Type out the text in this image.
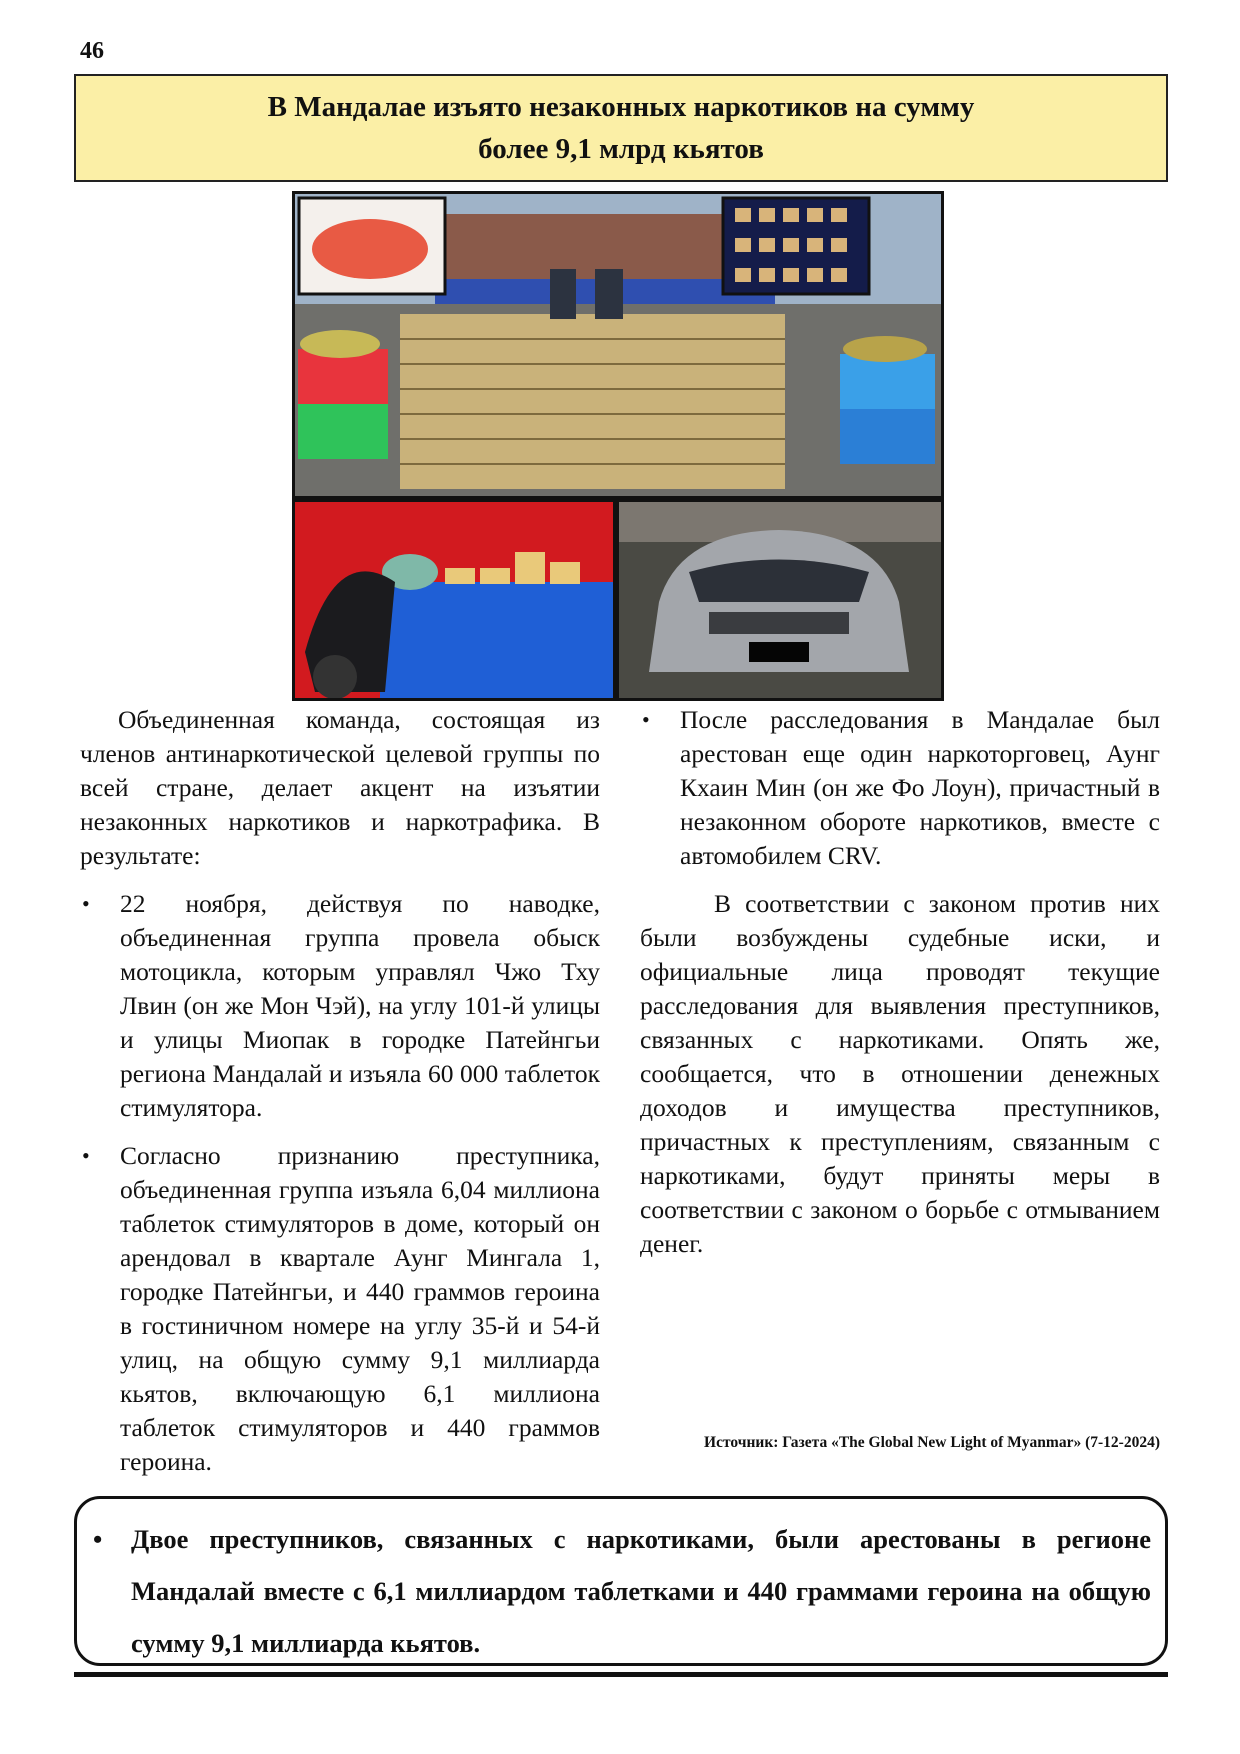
46
В Мандалае изъято незаконных наркотиков на сумму
более 9,1 млрд кьятов

Объединенная команда, состоящая из членов антинаркотической целевой группы по всей стране, делает акцент на изъятии незаконных наркотиков и наркотрафика. В результате:

• 22 ноября, действуя по наводке, объединенная группа провела обыск мотоцикла, которым управлял Чжо Тху Лвин (он же Мон Чэй), на углу 101-й улицы и улицы Миопак в городке Патейнгьи региона Мандалай и изъяла 60 000 таблеток стимулятора.

• Согласно признанию преступника, объединенная группа изъяла 6,04 миллиона таблеток стимуляторов в доме, который он арендовал в квартале Аунг Мингала 1, городке Патейнгьи, и 440 граммов героина в гостиничном номере на углу 35-й и 54-й улиц, на общую сумму 9,1 миллиарда кьятов, включающую 6,1 миллиона таблеток стимуляторов и 440 граммов героина.

• После расследования в Мандалае был арестован еще один наркоторговец, Аунг Кхаин Мин (он же Фо Лоун), причастный в незаконном обороте наркотиков, вместе с автомобилем CRV.

В соответствии с законом против них были возбуждены судебные иски, и официальные лица проводят текущие расследования для выявления преступников, связанных с наркотиками. Опять же, сообщается, что в отношении денежных доходов и имущества преступников, причастных к преступлениям, связанным с наркотиками, будут приняты меры в соответствии с законом о борьбе с отмыванием денег.

Источник: Газета «The Global New Light of Myanmar» (7-12-2024)
• Двое преступников, связанных с наркотиками, были арестованы в регионе Мандалай вместе с 6,1 миллиардом таблетками и 440 граммами героина на общую сумму 9,1 миллиарда кьятов.
